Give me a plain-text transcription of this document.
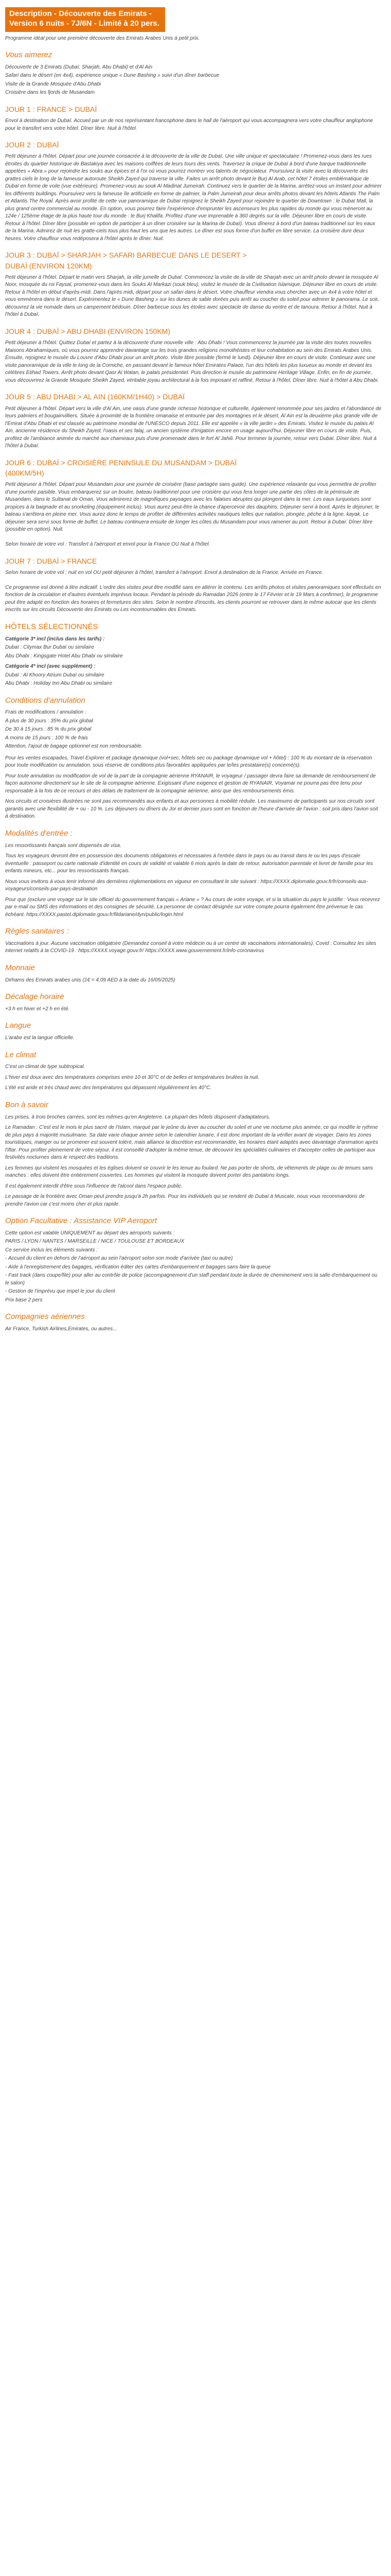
Description - Découverte des Emirats - Version 6 nuits - 7J/6N - Limité à 20 pers.

Programme idéal pour une première découverte des Emirats Arabes Unis à petit prix.

Vous aimerez

Découverte de 3 Emirats (Dubaï, Sharjah, Abu Dhabi) et d'Al Ain

Safari dans le désert (en 4x4), expérience unique « Dune Bashing » suivi d'un dîner barbecue

Visite de la Grande Mosquée d'Abu Dhabi

Croisière dans les fjords de Musandam

JOUR 1 : FRANCE > DUBAÏ

Envol à destination de Dubaï. Accueil par un de nos représentant francophone dans le hall de l'aéroport qui vous accompagnera vers votre chauffeur anglophone pour le transfert vers votre hôtel. Dîner libre. Nuit à l'hôtel.

JOUR 2 : DUBAÏ

Petit déjeuner à l'hôtel. Départ pour une journée consacrée à la découverte de la ville de Dubaï. Une ville unique et spectaculaire ! Promenez-vous dans les rues étroites du quartier historique de Bastakiya avec les maisons coiffées de leurs tours des vents. Traversez la crique de Dubaï à bord d'une barque traditionnelle appelées « Abra » pour rejoindre les souks aux épices et à l'or où vous pourrez montrer vos talents de négociateur. Poursuivez la visite avec la découverte des grattes ciels le long de la fameuse autoroute Sheikh Zayed qui traverse la ville. Faites un arrêt photo devant le Burj Al Arab, cet hôtel 7 étoiles emblématique de Dubaï en forme de voile (vue extérieure). Promenez-vous au souk Al Madinat Jumeirah. Continuez vers le quartier de la Marina, arrêtez-vous un instant pour admirer les différents buildings. Poursuivez vers la fameuse île artificielle en forme de palmier, la Palm Jumeirah pour deux arrêts photos devant les hôtels Atlantis The Palm et Atlantis The Royal. Après avoir profité de cette vue panoramique de Dubaï rejoignez le Sheikh Zayed pour rejoindre le quartier de Downtown : le Dubaï Mall, la plus grand centre commercial au monde. En option, vous pourrez faire l'expérience d'emprunter les ascenseurs les plus rapides du monde qui vous mèneront au 124e / 125ème étage de la plus haute tour du monde : le Burj Khalifa. Profitez d'une vue imprenable à 360 degrés sur la ville. Déjeuner libre en cours de visite. Retour à l'hôtel. Dîner libre (possible en option de participer à un dîner croisière sur la Marina de Dubaï). Vous dînerez à bord d'un bateau traditionnel sur les eaux de la Marina. Admirez de nuit les gratte-ciels tous plus haut les uns que les autres. Le dîner est sous forme d'un buffet en libre service. La croisière dure deux heures. Votre chauffeur vous redéposera à l'hôtel après le dîner. Nuit.

JOUR 3 : DUBAÏ > SHARJAH > SAFARI BARBECUE DANS LE DESERT > DUBAÏ (ENVIRON 120KM)

Petit déjeuner à l'hôtel. Départ le matin vers Sharjah, la ville jumelle de Dubaï. Commencez la visite de la ville de Sharjah avec un arrêt photo devant la mosquée Al Noor, mosquée du roi Faysal, promenez-vous dans les Souks Al Markazi (souk bleu), visitez le musée de la Civilisation Islamique. Déjeuner libre en cours de visite. Retour à l'hôtel en début d'après-midi. Dans l'après midi, départ pour un safari dans le désert. Votre chauffeur viendra vous chercher avec un 4x4 à votre hôtel et vous emmènera dans le désert. Expérimentez le « Dune Bashing » sur les dunes de sable dorées puis arrêt au coucher du soleil pour admirer le panorama. Le soir, découvrez la vie nomade dans un campement bédouin. Dîner barbecue sous les étoiles avec spectacle de danse du ventre et de tanoura. Retour à l'hôtel. Nuit à l'hôtel à Dubaï.

JOUR 4 : DUBAÏ > ABU DHABI (ENVIRON 150KM)

Petit déjeuner à l'hôtel. Quittez Dubaï et partez à la découverte d'une nouvelle ville : Abu Dhabi ! Vous commencerez la journée par la visite des toutes nouvelles Maisons Abrahamiques, où vous pourrez apprendre davantage sur les trois grandes religions monothéistes et leur cohabitation au sein des Emirats Arabes Unis. Ensuite, rejoignez le musée du Louvre d'Abu Dhabi pour un arrêt photo. Visite libre possible (fermé le lundi). Déjeuner libre en cours de visite. Continuez avec une visite panoramique de la ville le long de la Corniche, en passant devant le fameux hôtel Emirates Palace, l'un des hôtels les plus luxueux au monde et devant les célèbres Etihad Towers. Arrêt photo devant Qasr Al Watan, le palais présidentiel. Puis direction le musée du patrimoine Heritage Village. Enfin, en fin de journée, vous découvrirez la Grande Mosquée Sheikh Zayed, véritable joyau architectural à la fois imposant et raffiné. Retour à l'hôtel. Dîner libre. Nuit à l'hôtel à Abu Dhabi.

JOUR 5 : ABU DHABI > AL AIN (160KM/1H40) > DUBAÏ

Petit déjeuner à l'hôtel. Départ vers la ville d'Al Ain, une oasis d'une grande richesse historique et culturelle, également renommée pour ses jardins et l'abondance de leurs palmiers et bougainvilliers. Située à proximité de la frontière omanaise et entourée par des montagnes et le désert, Al Ain est la deuxième plus grande ville de l'Emirat d'Abu Dhabi et est classée au patrimoine mondial de l'UNESCO depuis 2011. Elle est appelée « la ville jardin » des Emirats. Visitez le musée du palais Al Ain, ancienne résidence du Sheikh Zayed, l'oasis et ses falaj, un ancien système d'irrigation encore en usage aujourd'hui. Déjeuner libre en cours de visite. Puis, profitez de l'ambiance animée du marché aux chameaux puis d'une promenade dans le fort Al Jahili. Pour terminer la journée, retour vers Dubaï. Dîner libre. Nuit à l'hôtel à Dubaï.

JOUR 6 : DUBAÏ > CROISIÈRE PENINSULE DU MUSANDAM > DUBAÏ (400KM/5H)

Petit déjeuner à l'hôtel. Départ pour Musandam pour une journée de croisière (base partagée sans guide). Une expérience relaxante qui vous permettra de profiter d'une journée paisible. Vous embarquerez sur un boutre, bateau traditionnel pour une croisière qui vous fera longer une partie des côtes de la péninsule de Musandam, dans le Sultanat de Oman. Vous admirerez de magnifiques paysages avec les falaises abruptes qui plongent dans la mer. Les eaux turquoises sont propices à la baignade et au snorkeling (équipement inclus). Vous aurez peut-être la chance d'apercevoir des dauphins. Déjeuner servi à bord. Après le déjeuner, le bateau s'arrêtera en pleine mer. Vous aurez donc le temps de profiter de différentes activités nautiques telles que natation, plongée, pêche à la ligne, kayak. Le déjeuner sera servi sous forme de buffet. Le bateau continuera ensuite de longer les côtes du Musandam pour vous ramener au port. Retour à Dubaï. Dîner libre (possible en option). Nuit.

Selon horaire de votre vol : Transfert à l'aéroport et envol pour la France OU Nuit à l'hôtel.

JOUR 7 : DUBAÏ > FRANCE

Selon horaire de votre vol : nuit en vol OU petit déjeuner à l'hôtel, transfert à l'aéroport. Envol à destination de la France. Arrivée en France.

Ce programme est donné à titre indicatif. L'ordre des visites peut être modifié sans en altérer le contenu. Les arrêts photos et visites panoramiques sont effectués en fonction de la circulation et d'autres éventuels imprévus locaux. Pendant la période du Ramadan 2026 (entre le 17 Février et le 19 Mars à confirmer), le programme peut être adapté en fonction des horaires et fermetures des sites. Selon le nombre d'inscrits, les clients pourront se retrouver dans le même autocar que les clients inscrits sur les circuits Découverte des Emirats ou Les incontournables des Emirats.

HÔTELS SÉLECTIONNÉS

Catégorie 3* incl (inclus dans les tarifs) :

Dubaï : Citymax Bur Dubaï ou similaire

Abu Dhabi : Kingsgate Hotel Abu Dhabi ou similaire

Catégorie 4* incl (avec supplément) :

Dubaï : Al Khoory Atrium Dubaï ou similaire

Abu Dhabi : Holiday Inn Abu Dhabi ou similaire

Conditions d'annulation

Frais de modifications / annulation :

A plus de 30 jours : 35% du prix global

De 30 à 15 jours : 85 % du prix global

A moins de 15 jours : 100 % de frais

Attention, l'ajout de bagage optionnel est non remboursable.

Pour les ventes escapades, Travel Explorer et package dynamique (vol+sec, hôtels sec ou package dynamique vol + hôtel) : 100 % du montant de la réservation pour toute modification ou annulation, sous réserve de conditions plus favorables appliquées par le/les prestataire(s) concerné(s).

Pour toute annulation ou modification de vol de la part de la compagnie aérienne RYANAIR, le voyageur / passager devra faire sa demande de remboursement de façon autonome directement sur le site de la compagnie aérienne. Exigissant d'une exigence et gestion de RYANAIR, Voyamar ne pourra pas être tenu pour responsable à la fois de ce recours et des délais de traitement de la compagnie aérienne, ainsi que des remboursements émis.

Nos circuits et croisières illustrées ne sont pas recommandés aux enfants et aux personnes à mobilité réduite. Les maximums de participants sur nos circuits sont garantis avec une flexibilité de + ou - 10 %. Les déjeuners ou dîners du Jor et dernier jours sont en fonction de l'heure d'arrivée de l'avion : soit pris dans l'avion soit à destination.

Modalités d'entrée :

Les ressortissants français sont dispensés de visa.

Tous les voyageurs devront être en possession des documents obligatoires et nécessaires à l'entrée dans le pays ou au transit dans le ou les pays d'escale éventuelle : passeport ou carte nationale d'identité en cours de validité et valable 6 mois après la date de retour, autorisation parentale et livret de famille pour les enfants mineurs, etc... pour les ressortissants français.

Nous vous invitons à vous tenir informé des dernières réglementations en vigueur en consultant le site suivant : https://XXXX.diplomatie.gouv.fr/fr/conseils-aux-voyageurs/conseils-par-pays-destination

Pour que (exclure une voyage sur le site officiel du gouvernement français « Ariane » ? Au cours de votre voyage, et si la situation du pays le justifie : Vous recevrez par e-mail ou SMS des informations et des consignes de sécurité. La personne de contact désignée sur votre compte pourra également être prévenue le cas échéant. https://XXXX.pastel.diplomatie.gouv.fr/fildariane/dyn/public/login.html

Règles sanitaires :

Vaccinations à jour. Aucune vaccination obligatoire (Demandez conseil à votre médecin ou à un centre de vaccinations internationales). Covid : Consultez les sites internet relatifs à la COVID-19 : https://XXXX.voyage.gouv.fr/ https://XXXX.www.gouvernement.fr/info-coronavirus

Monnaie

Dirhams des Emirats arabes unis (1€ = 4.09 AED à la date du 16/05/2025)

Décalage horaire

+3 h en hiver et +2 h en été.

Langue

L'arabe est la langue officielle.

Le climat

C'est un climat de type subtropical.

L'hiver est doux avec des températures comprises entre 10 et 30°C et de belles et températures brulées la nuit.

L'été est aride et très chaud avec des températures qui dépassent régulièrement les 40°C.

Bon à savoir

Les prises, à trois broches carrées, sont les mêmes qu'en Angleterre. La plupart des hôtels disposent d'adaptateurs.

Le Ramadan : C'est est le mois le plus sacré de l'Islam, marqué par le jeûne du lever au coucher du soleil et une vie nocturne plus animée, ce qui modifie le rythme de plus pays à majorité musulmane. Sa date varie chaque année selon le calendrier lunaire, il est donc important de la vérifier avant de voyager. Dans les zones touristiques, manger ou se promener est souvent toléré, mais alliance la discrétion est recommandée, les horaires étant adaptés avec davantage d'animation après l'iftar. Pour profiter pleinement de votre séjour, il est conseillé d'adopter la même tenue, de découvrir les spécialités culinaires et d'accepter celles de participer aux festivités nocturnes dans le respect des traditions.

Les femmes qui visitent les mosquées et les églises doivent se couvrir le les tenue au foulard. Ne pas porter de shorts, de vêtements de plage ou de tenues sans manches : elles doivent être entièrement couvertes. Les hommes qui visitent la mosquée doivent porter des pantalons longs.

Il est également interdit d'être sous l'influence de l'alcool dans l'espace public.

Le passage de la frontière avec Oman peut prendre jusqu'à 2h parfois. Pour les individuels qui se rendent de Dubaï à Muscate, nous vous recommandons de prendre l'avion car c'est moins cher et plus rapide.

Option Facultative : Assistance VIP Aeroport

Cette option est valable UNIQUEMENT au départ des aéroports suivants :

PARIS / LYON / NANTES / MARSEILLE / NICE / TOULOUSE ET BORDEAUX

Ce service inclus les éléments suivants :

- Accueil du client en dehors de l'aéroport au sein l'aéroport selon son mode d'arrivée (taxi ou autre)

- Aide à l'enregistrement des bagages, vérification éditer des cartes d'embarquement et bagages sans faire la queue

- Fast track (dans coupe/file) pour aller au contrôle de police (accompagnement d'un staff pendant toute la durée de cheminement vers la salle d'embarquement ou le salon)

- Gestion de l'imprévu que impel le jour du client

Prix base 2 pers

Compagnies aériennes

Air France, Turkish Airlines,Emirates, ou autres...
